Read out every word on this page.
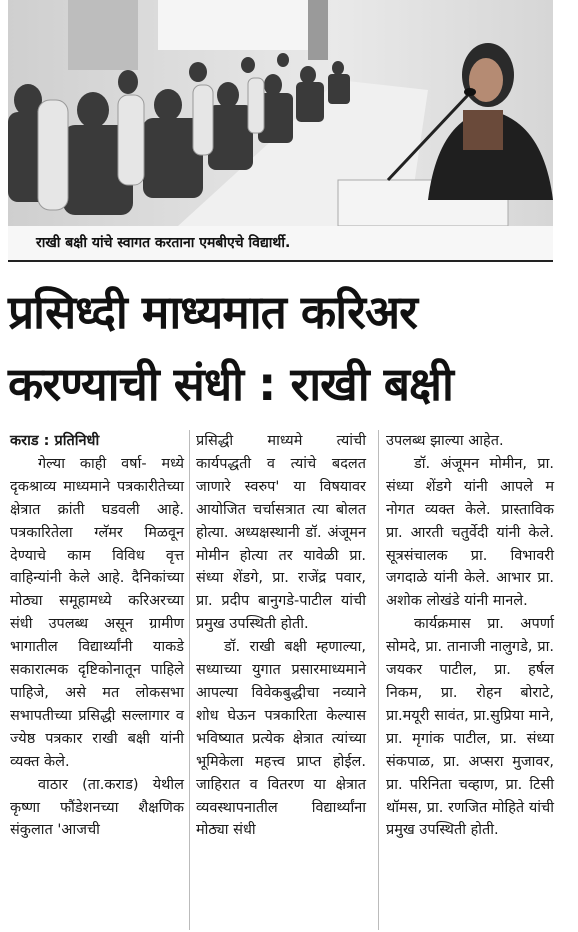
राखी बक्षी यांचे स्वागत करताना एमबीएचे विद्यार्थी.
प्रसिध्दी माध्यमात करिअर
करण्याची संधी : राखी बक्षी

कराड : प्रतिनिधी

गेल्या काही वर्षा- मध्ये दृकश्राव्य माध्यमाने पत्रकारीतेच्या क्षेत्रात क्रांती घडवली आहे. पत्रकारितेला ग्लॅमर मिळवून देण्याचे काम विविध वृत्त वाहिन्यांनी केले आहे. दैनिकांच्या मोठ्या समूहामध्ये करिअरच्या संधी उपलब्ध असून ग्रामीण भागातील विद्यार्थ्यांनी याकडे सकारात्मक दृष्टिकोनातून पाहिले पाहिजे, असे मत लोकसभा सभापतीच्या प्रसिद्धी सल्लागार व ज्येष्ठ पत्रकार राखी बक्षी यांनी व्यक्त केले.

वाठार (ता.कराड) येथील कृष्णा फौंडेशनच्या शैक्षणिक संकुलात 'आजची

प्रसिद्धी माध्यमे त्यांची कार्यपद्धती व त्यांचे बदलत जाणारे स्वरुप' या विषयावर आयोजित चर्चासत्रात त्या बोलत होत्या. अध्यक्षस्थानी डॉ. अंजूमन मोमीन होत्या तर यावेळी प्रा. संध्या शेंडगे, प्रा. राजेंद्र पवार, प्रा. प्रदीप बानुगडे-पाटील यांची प्रमुख उपस्थिती होती.

डॉ. राखी बक्षी म्हणाल्या, सध्याच्या युगात प्रसारमाध्यमाने आपल्या विवेकबुद्धीचा नव्याने शोध घेऊन पत्रकारिता केल्यास भविष्यात प्रत्येक क्षेत्रात त्यांच्या भूमिकेला महत्त्व प्राप्त होईल. जाहिरात व वितरण या क्षेत्रात व्यवस्थापनातील विद्यार्थ्यांना मोठ्या संधी

उपलब्ध झाल्या आहेत.

डॉ. अंजूमन मोमीन, प्रा. संध्या शेंडगे यांनी आपले म नोगत व्यक्त केले. प्रास्ताविक प्रा. आरती चतुर्वेदी यांनी केले. सूत्रसंचालक प्रा. विभावरी जगदाळे यांनी केले. आभार प्रा. अशोक लोखंडे यांनी मानले.

कार्यक्रमास प्रा. अपर्णा सोमदे, प्रा. तानाजी नालुगडे, प्रा. जयकर पाटील, प्रा. हर्षल निकम, प्रा. रोहन बोराटे, प्रा.मयूरी सावंत, प्रा.सुप्रिया माने, प्रा. मृगांक पाटील, प्रा. संध्या संकपाळ, प्रा. अप्सरा मुजावर, प्रा. परिनिता चव्हाण, प्रा. टिसी थॉमस, प्रा. रणजित मोहिते यांची प्रमुख उपस्थिती होती.
